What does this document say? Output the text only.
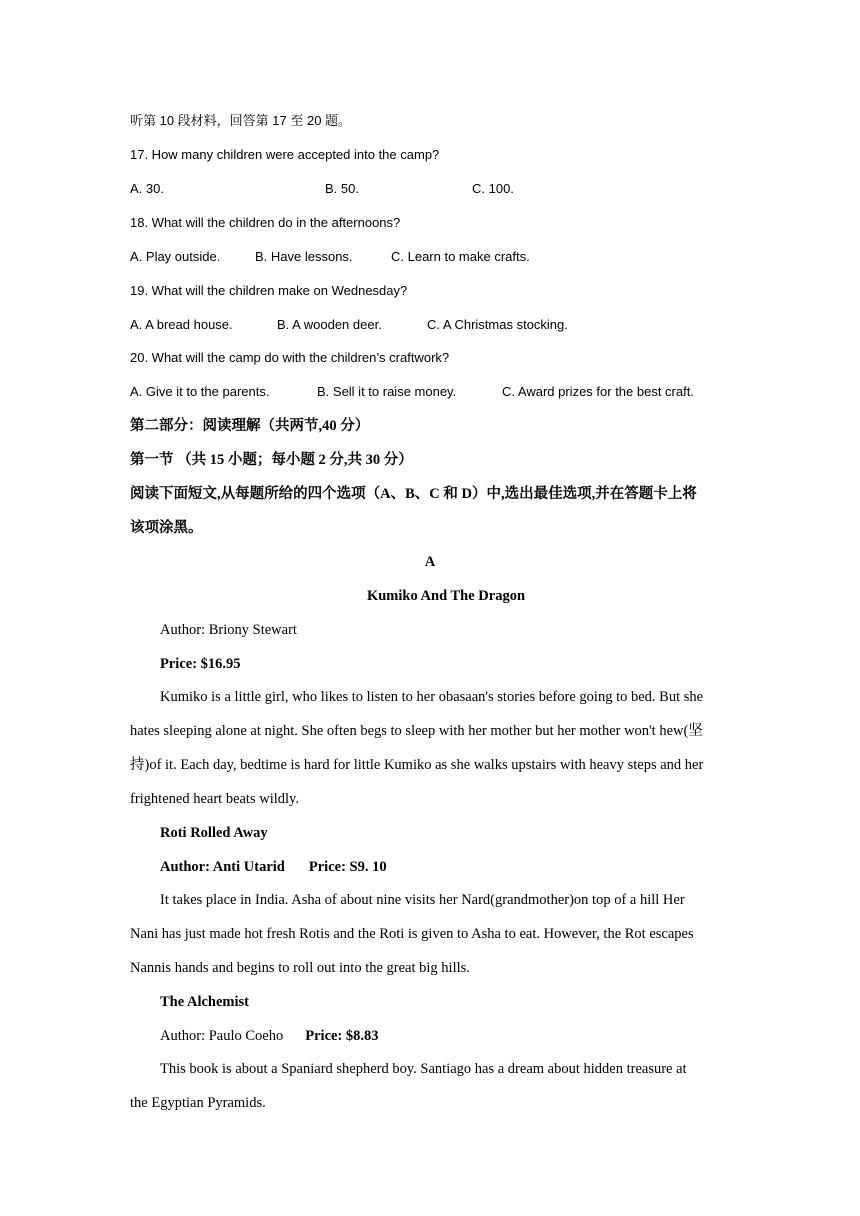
听第 10 段材料，回答第 17 至 20 题。
17. How many children were accepted into the camp?
A. 30.	B. 50.	C. 100.
18. What will the children do in the afternoons?
A. Play outside.	B. Have lessons.	C. Learn to make crafts.
19. What will the children make on Wednesday?
A. A bread house.	B. A wooden deer.	C. A Christmas stocking.
20. What will the camp do with the children’s craftwork?
A. Give it to the parents.	B. Sell it to raise money.	C. Award prizes for the best craft.
第二部分：阅读理解（共两节,40 分）
第一节 （共 15 小题；每小题 2 分,共 30 分）
阅读下面短文,从每题所给的四个选项（A、B、C 和 D）中,选出最佳选项,并在答题卡上将
该项涂黑。
A
Kumiko And The Dragon
Author: Briony Stewart
Price: $16.95
Kumiko is a little girl, who likes to listen to her obasaan's stories before going to bed. But she
hates sleeping alone at night. She often begs to sleep with her mother but her mother won't hew(坚
持)of it. Each day, bedtime is hard for little Kumiko as she walks upstairs with heavy steps and her
frightened heart beats wildly.
Roti Rolled Away
Author: Anti Utarid Price: S9. 10
It takes place in India. Asha of about nine visits her Nard(grandmother)on top of a hill Her
Nani has just made hot fresh Rotis and the Roti is given to Asha to eat. However, the Rot escapes
Nannis hands and begins to roll out into the great big hills.
The Alchemist
Author: Paulo Coeho Price: $8.83
This book is about a Spaniard shepherd boy. Santiago has a dream about hidden treasure at
the Egyptian Pyramids.
